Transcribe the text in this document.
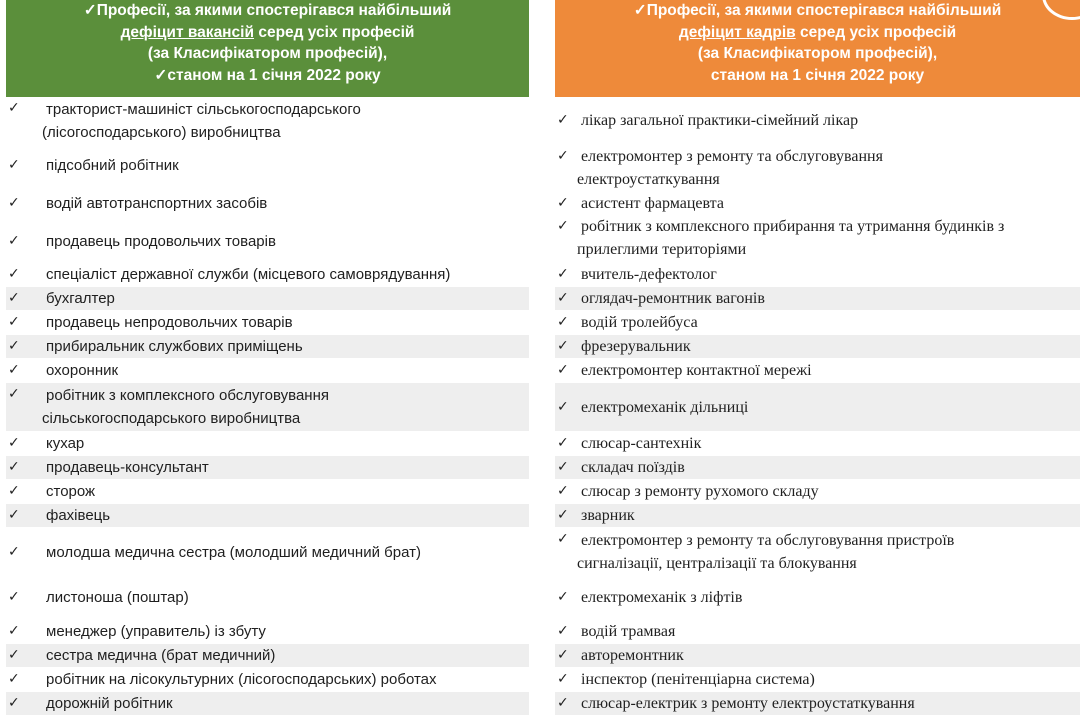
✓Професії, за якими спостерігався найбільший
дефіцит вакансій серед усіх професій
(за Класифікатором професій),
✓станом на 1 січня 2022 року
✓	тракторист-машиніст сільськогосподарського
(лісогосподарського) виробництва
✓	підсобний робітник
✓	водій автотранспортних засобів
✓	продавець продовольчих товарів
✓	спеціаліст державної служби (місцевого самоврядування)
✓	бухгалтер
✓	продавець непродовольчих товарів
✓	прибиральник службових приміщень
✓	охоронник
✓	робітник з комплексного обслуговування
сільськогосподарського виробництва
✓	кухар
✓	продавець-консультант
✓	сторож
✓	фахівець
✓	молодша медична сестра (молодший медичний брат)
✓	листоноша (поштар)
✓	менеджер (управитель) із збуту
✓	сестра медична (брат медичний)
✓	робітник на лісокультурних (лісогосподарських) роботах
✓	дорожній робітник
✓Професії, за якими спостерігався найбільший
дефіцит кадрів серед усіх професій
(за Класифікатором професій),
станом на 1 січня 2022 року
✓ лікар загальної практики-сімейний лікар
✓ електромонтер з ремонту та обслуговування
електроустаткування
✓ асистент фармацевта
✓ робітник з комплексного прибирання та утримання будинків з
прилеглими територіями
✓ вчитель-дефектолог
✓ оглядач-ремонтник вагонів
✓ водій тролейбуса
✓ фрезерувальник
✓ електромонтер контактної мережі
✓ електромеханік дільниці
✓ слюсар-сантехнік
✓ складач поїздів
✓ слюсар з ремонту рухомого складу
✓ зварник
✓ електромонтер з ремонту та обслуговування пристроїв
сигналізації, централізації та блокування
✓ електромеханік з ліфтів
✓ водій трамвая
✓ авторемонтник
✓ інспектор (пенітенціарна система)
✓ слюсар-електрик з ремонту електроустаткування
